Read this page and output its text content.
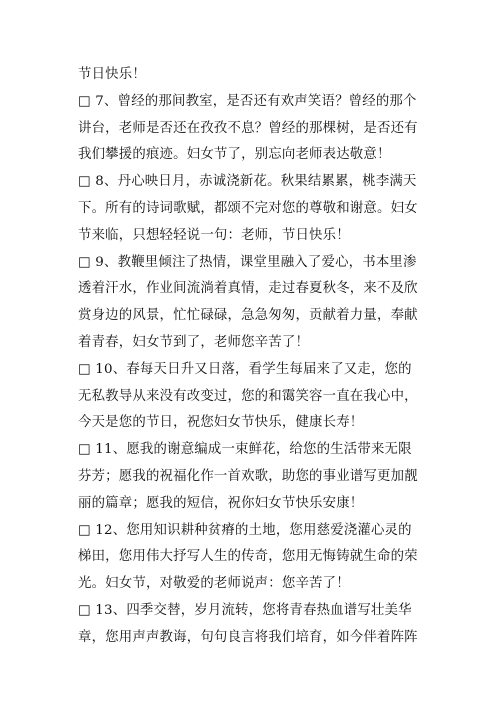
节日快乐！
□ 7、曾经的那间教室，是否还有欢声笑语？曾经的那个
讲台，老师是否还在孜孜不息？曾经的那棵树，是否还有
我们攀援的痕迹。妇女节了，别忘向老师表达敬意！
□ 8、丹心映日月，赤诚浇新花。秋果结累累，桃李满天
下。所有的诗词歌赋，都颂不完对您的尊敬和谢意。妇女
节来临，只想轻轻说一句：老师，节日快乐！
□ 9、教鞭里倾注了热情，课堂里融入了爱心，书本里渗
透着汗水，作业间流淌着真情，走过春夏秋冬，来不及欣
赏身边的风景，忙忙碌碌，急急匆匆，贡献着力量，奉献
着青春，妇女节到了，老师您辛苦了！
□ 10、春每天日升又日落，看学生每届来了又走，您的
无私教导从来没有改变过，您的和霭笑容一直在我心中，
今天是您的节日，祝您妇女节快乐，健康长寿！
□ 11、愿我的谢意编成一束鲜花，给您的生活带来无限
芬芳；愿我的祝福化作一首欢歌，助您的事业谱写更加靓
丽的篇章；愿我的短信，祝你妇女节快乐安康！
□ 12、您用知识耕种贫瘠的土地，您用慈爱浇灌心灵的
梯田，您用伟大抒写人生的传奇，您用无悔铸就生命的荣
光。妇女节，对敬爱的老师说声：您辛苦了！
□ 13、四季交替，岁月流转，您将青春热血谱写壮美华
章，您用声声教诲，句句良言将我们培育，如今伴着阵阵
